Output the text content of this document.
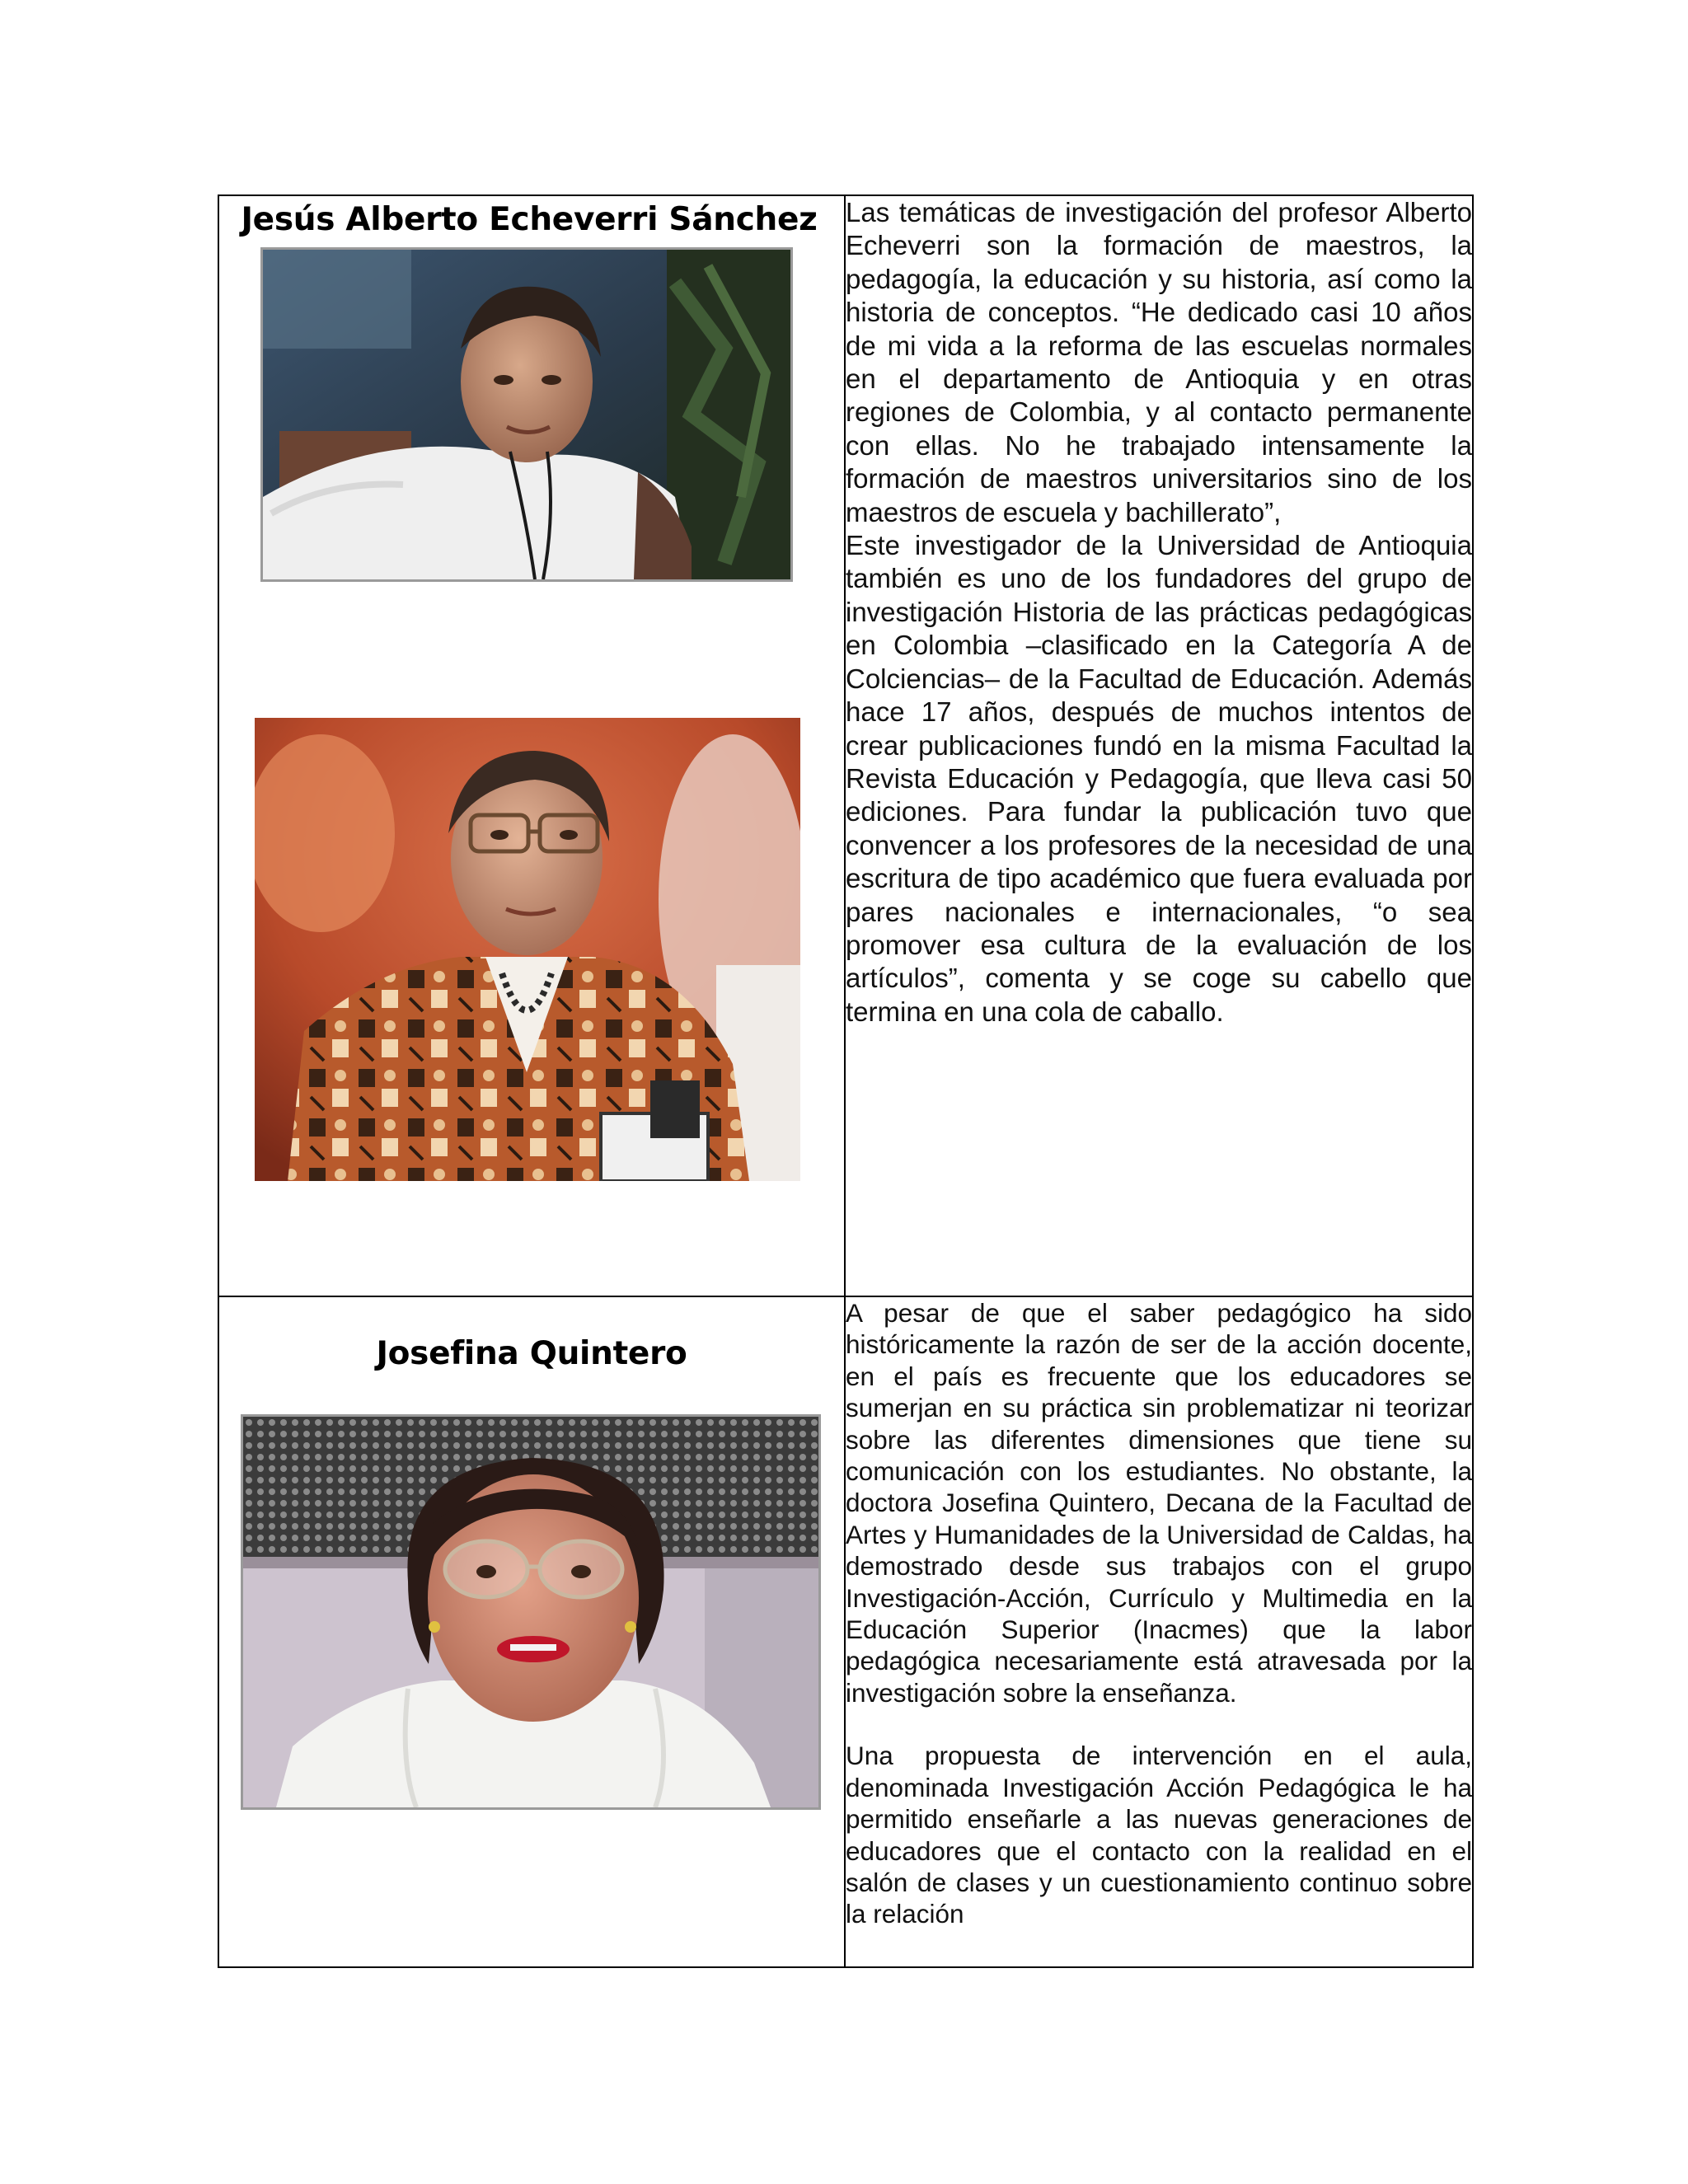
Jesús Alberto Echeverri Sánchez	Las temáticas de investigación del profesor Alberto Echeverri son la formación de maestros, la pedagogía, la educación y su historia, así como la historia de conceptos. “He dedicado casi 10 años de mi vida a la reforma de las escuelas normales en el departamento de Antioquia y en otras regiones de Colombia, y al contacto permanente con ellas. No he trabajado intensamente la formación de maestros universitarios sino de los maestros de escuela y bachillerato”,

Este investigador de la Universidad de Antioquia también es uno de los fundadores del grupo de investigación Historia de las prácticas pedagógicas en Colombia –clasificado en la Categoría A de Colciencias– de la Facultad de Educación. Además hace 17 años, después de muchos intentos de crear publicaciones fundó en la misma Facultad la Revista Educación y Pedagogía, que lleva casi 50 ediciones. Para fundar la publicación tuvo que convencer a los profesores de la necesidad de una escritura de tipo académico que fuera evaluada por pares nacionales e internacionales, “o sea promover esa cultura de la evaluación de los artículos”, comenta y se coge su cabello que termina en una cola de caballo.

Josefina Quintero	A pesar de que el saber pedagógico ha sido históricamente la razón de ser de la acción docente, en el país es frecuente que los educadores se sumerjan en su práctica sin problematizar ni teorizar sobre las diferentes dimensiones que tiene su comunicación con los estudiantes. No obstante, la doctora Josefina Quintero, Decana de la Facultad de Artes y Humanidades de la Universidad de Caldas, ha demostrado desde sus trabajos con el grupo Investigación-Acción, Currículo y Multimedia en la Educación Superior (Inacmes) que la labor pedagógica necesariamente está atravesada por la investigación sobre la enseñanza.

Una propuesta de intervención en el aula, denominada Investigación Acción Pedagógica le ha permitido enseñarle a las nuevas generaciones de educadores que el contacto con la realidad en el salón de clases y un cuestionamiento continuo sobre la relación
